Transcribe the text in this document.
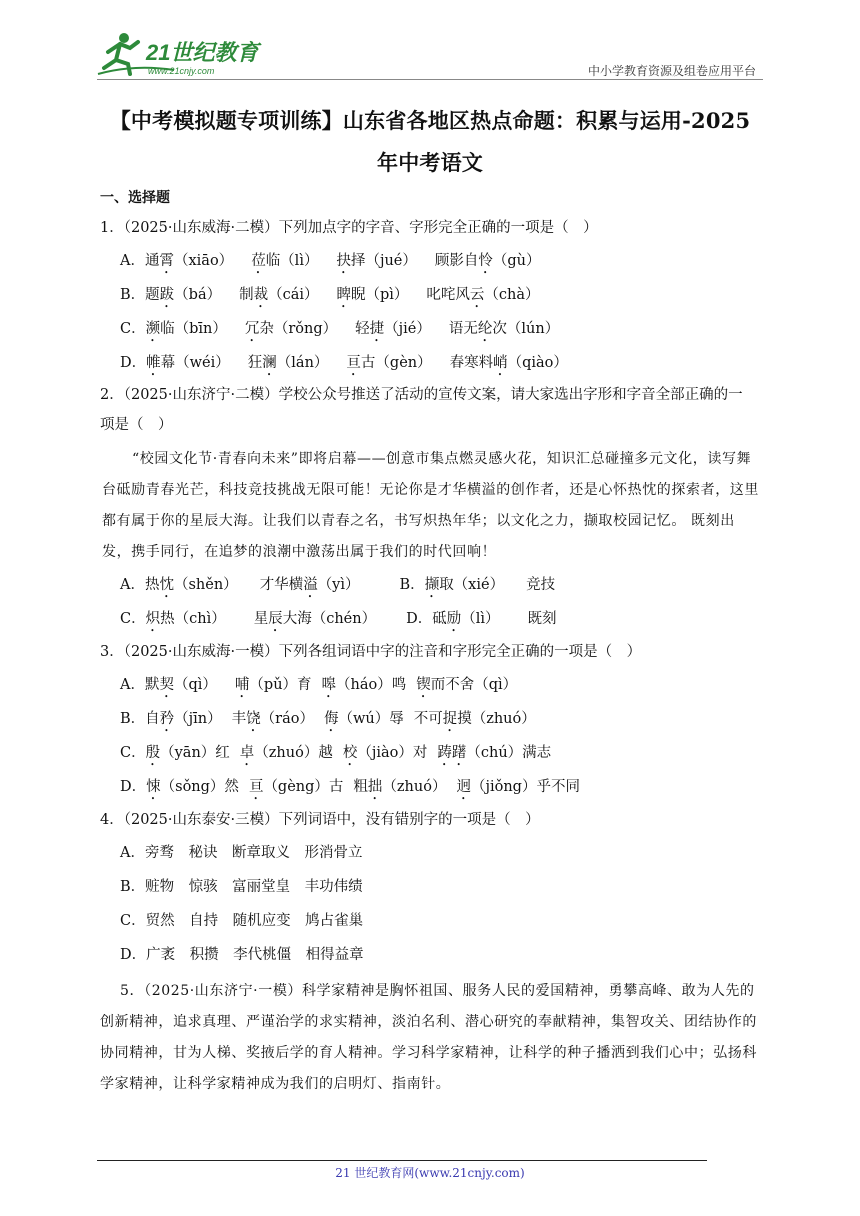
21世纪教育
www.21cnjy.com	中小学教育资源及组卷应用平台
【中考模拟题专项训练】山东省各地区热点命题：积累与运用-2025
年中考语文
一、选择题
1．（2025·山东威海·二模）下列加点字的字音、字形完全正确的一项是（　）
A．通霄（xiāo） 莅临（lì） 抉择（jué） 顾影自怜（gù）
B．题跋（bá） 制裁（cái） 睥睨（pì） 叱咤风云（chà）
C．濒临（bīn） 冗杂（rǒng） 轻捷（jié） 语无纶次（lún）
D．帷幕（wéi） 狂澜（lán） 亘古（gèn） 春寒料峭（qiào）
2．（2025·山东济宁·二模）学校公众号推送了活动的宣传文案，请大家选出字形和字音全部正确的一
项是（　）
“校园文化节·青春向未来”即将启幕——创意市集点燃灵感火花，知识汇总碰撞多元文化，读写舞台砥励青春光芒，科技竞技挑战无限可能！无论你是才华横溢的创作者，还是心怀热忱的探索者，这里都有属于你的星辰大海。让我们以青春之名，书写炽热年华；以文化之力，撷取校园记忆。 既刻出发，携手同行，在追梦的浪潮中激荡出属于我们的时代回响！
A．热忱（shěn） 才华横溢（yì）	B．撷取（xié） 竞技
C．炽热（chì） 星辰大海（chén） D．砥励（lì） 既刻
3．（2025·山东威海·一模）下列各组词语中字的注音和字形完全正确的一项是（　）
A．默契（qì） 哺（pǔ）育 嗥（háo）鸣 锲而不舍（qì）
B．自矜（jīn） 丰饶（ráo） 侮（wú）辱 不可捉摸（zhuó）
C．殷（yān）红 卓（zhuó）越 校（jiào）对 踌躇（chú）满志
D．悚（sǒng）然 亘（gèng）古 粗拙（zhuó） 迥（jiǒng）乎不同
4．（2025·山东泰安·三模）下列词语中，没有错别字的一项是（　）
A．旁骛　秘诀　断章取义　形消骨立
B．赃物　惊骇　富丽堂皇　丰功伟绩
C．贸然　自持　随机应变　鸠占雀巢
D．广袤　积攒　李代桃僵　相得益章
5．（2025·山东济宁·一模）科学家精神是胸怀祖国、服务人民的爱国精神，勇攀高峰、敢为人先的创新精神，追求真理、严谨治学的求实精神，淡泊名利、潜心研究的奉献精神，集智攻关、团结协作的协同精神，甘为人梯、奖掖后学的育人精神。学习科学家精神，让科学的种子播洒到我们心中；弘扬科学家精神，让科学家精神成为我们的启明灯、指南针。
21 世纪教育网(www.21cnjy.com)
